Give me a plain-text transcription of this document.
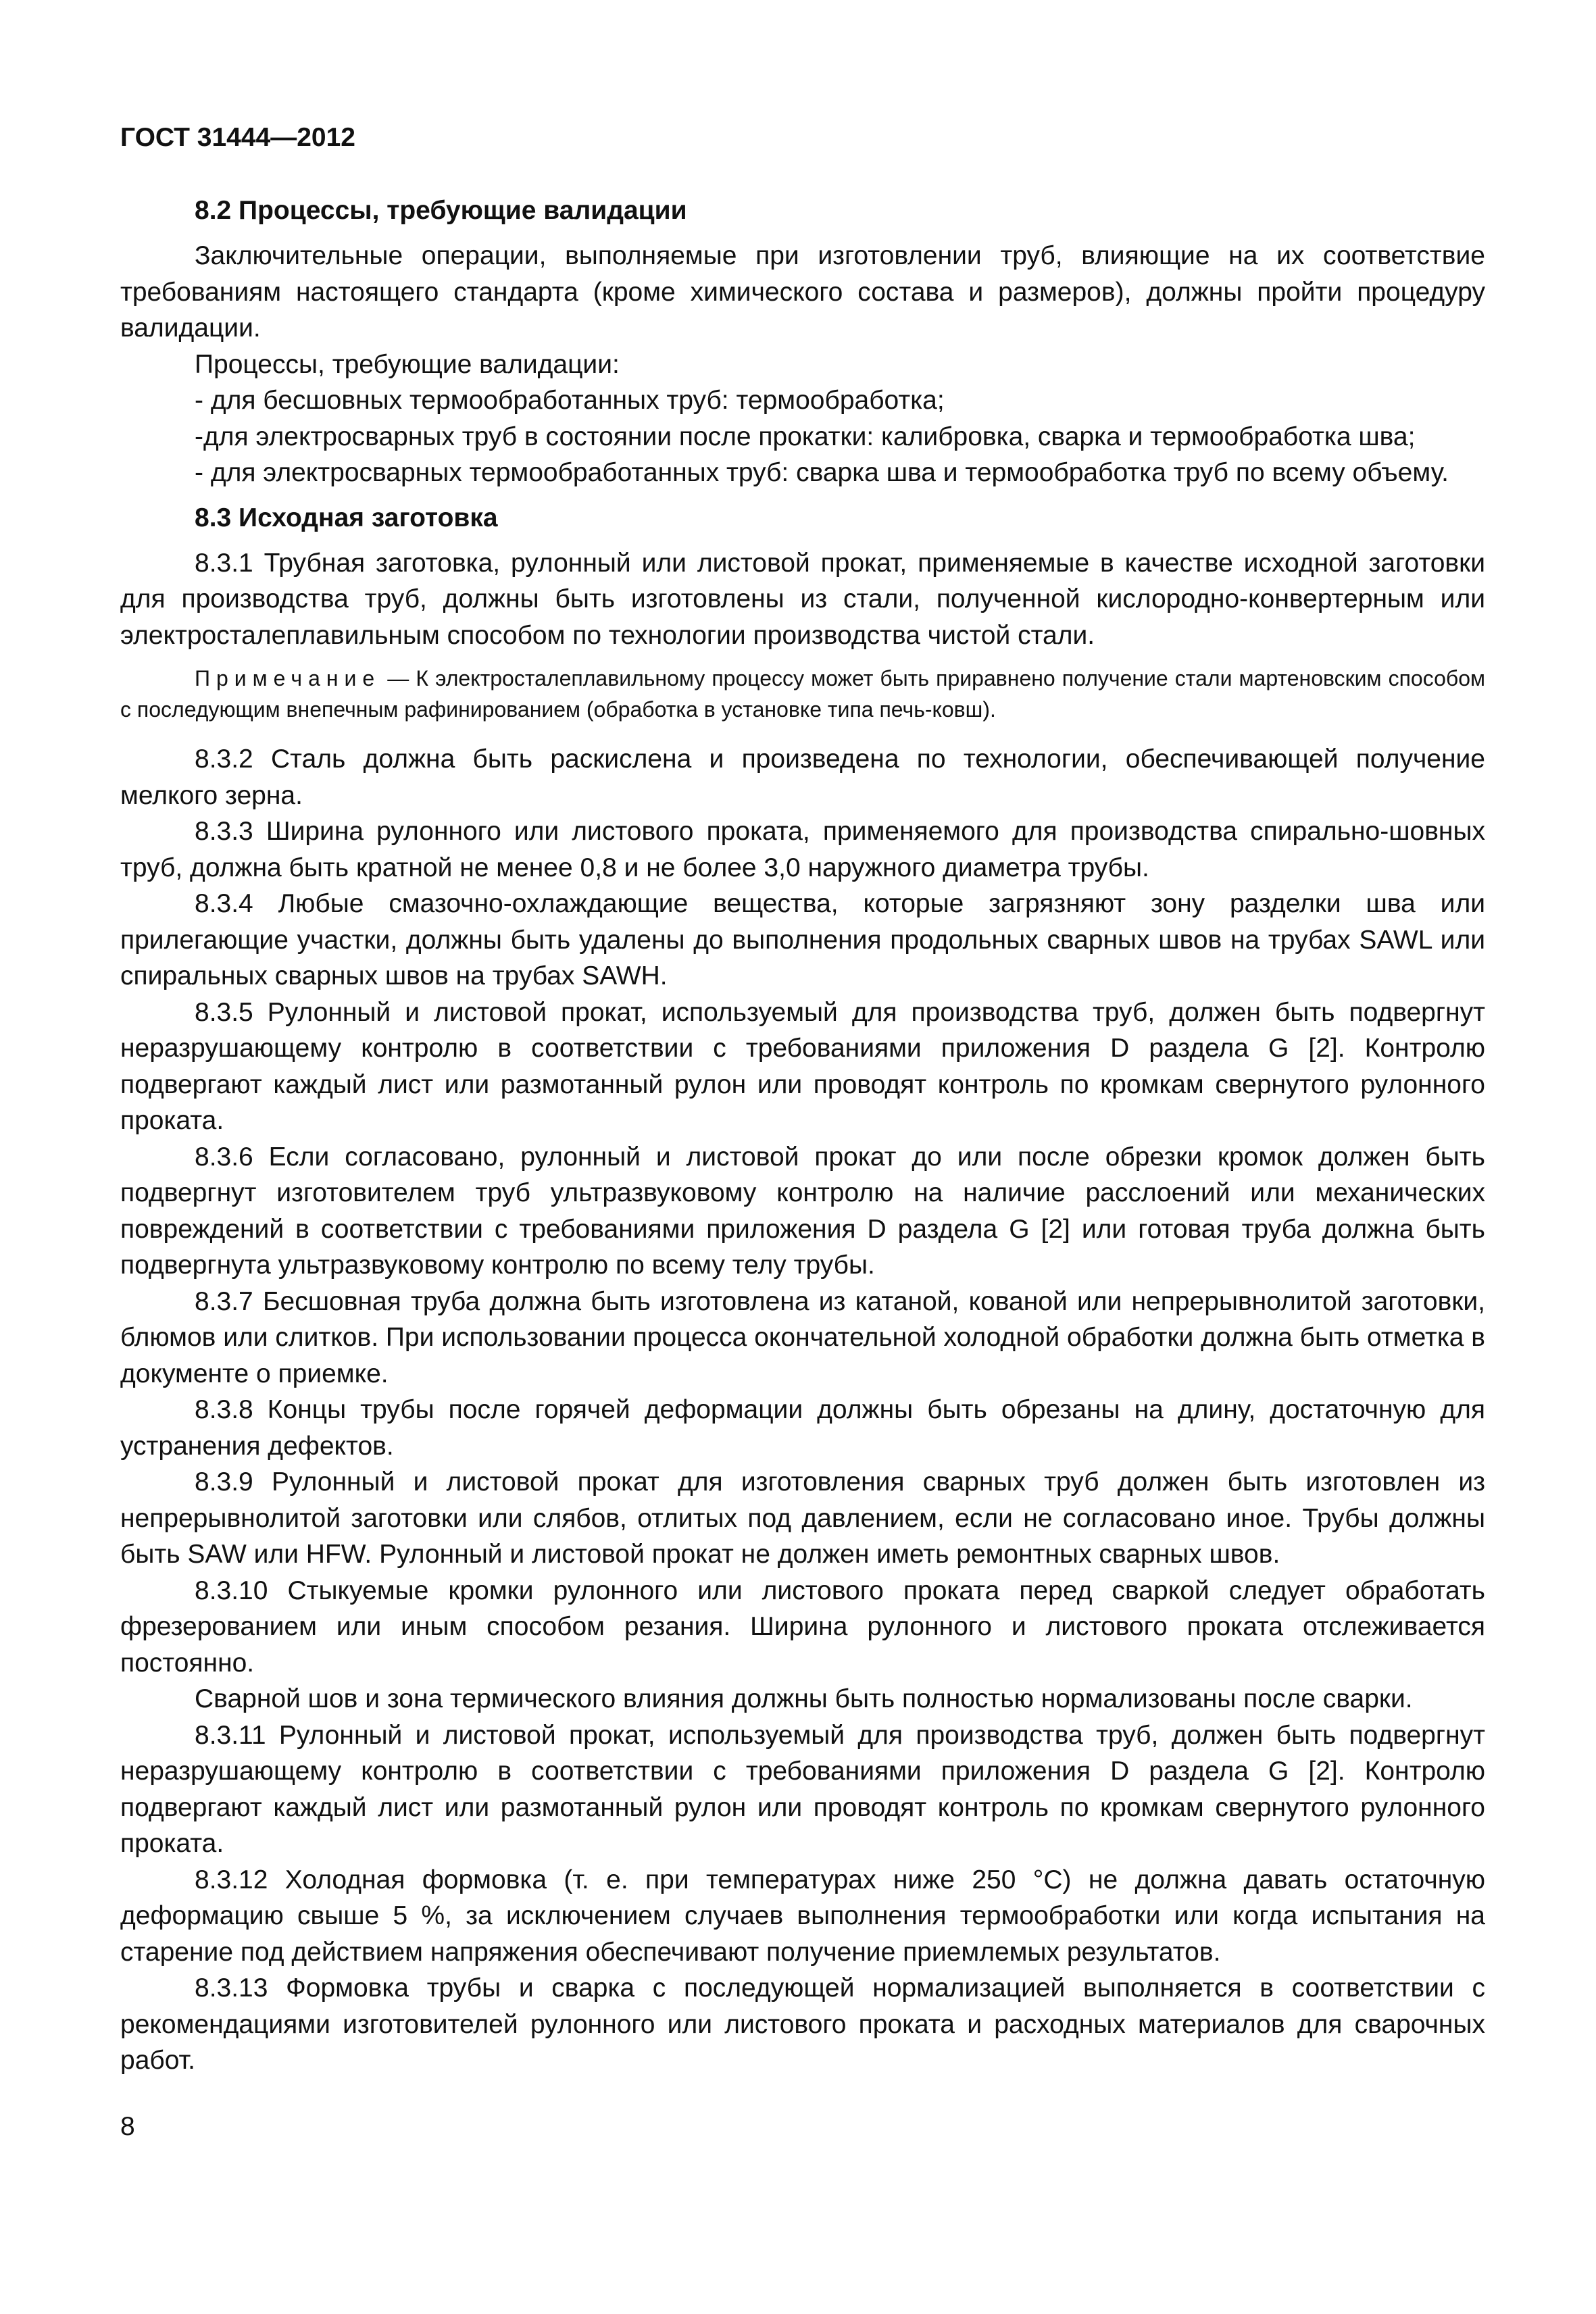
ГОСТ 31444—2012
8.2 Процессы, требующие валидации

Заключительные операции, выполняемые при изготовлении труб, влияющие на их соответствие требованиям настоящего стандарта (кроме химического состава и размеров), должны пройти процедуру валидации.

Процессы, требующие валидации:

- для бесшовных термообработанных труб: термообработка;

-для электросварных труб в состоянии после прокатки: калибровка, сварка и термообработка шва;

- для электросварных термообработанных труб: сварка шва и термообработка труб по всему объему.

8.3 Исходная заготовка

8.3.1 Трубная заготовка, рулонный или листовой прокат, применяемые в качестве исходной заготовки для производства труб, должны быть изготовлены из стали, полученной кислородно-конвертерным или электросталеплавильным способом по технологии производства чистой стали.

Примечание — К электросталеплавильному процессу может быть приравнено получение стали мартеновским способом с последующим внепечным рафинированием (обработка в установке типа печь-ковш).

8.3.2 Сталь должна быть раскислена и произведена по технологии, обеспечивающей получение мелкого зерна.

8.3.3 Ширина рулонного или листового проката, применяемого для производства спирально-шовных труб, должна быть кратной не менее 0,8 и не более 3,0 наружного диаметра трубы.

8.3.4 Любые смазочно-охлаждающие вещества, которые загрязняют зону разделки шва или прилегающие участки, должны быть удалены до выполнения продольных сварных швов на трубах SAWL или спиральных сварных швов на трубах SAWH.

8.3.5 Рулонный и листовой прокат, используемый для производства труб, должен быть подвергнут неразрушающему контролю в соответствии с требованиями приложения D раздела G [2]. Контролю подвергают каждый лист или размотанный рулон или проводят контроль по кромкам свернутого рулонного проката.

8.3.6 Если согласовано, рулонный и листовой прокат до или после обрезки кромок должен быть подвергнут изготовителем труб ультразвуковому контролю на наличие расслоений или механических повреждений в соответствии с требованиями приложения D раздела G [2] или готовая труба должна быть подвергнута ультразвуковому контролю по всему телу трубы.

8.3.7 Бесшовная труба должна быть изготовлена из катаной, кованой или непрерывнолитой заготовки, блюмов или слитков. При использовании процесса окончательной холодной обработки должна быть отметка в документе о приемке.

8.3.8 Концы трубы после горячей деформации должны быть обрезаны на длину, достаточную для устранения дефектов.

8.3.9 Рулонный и листовой прокат для изготовления сварных труб должен быть изготовлен из непрерывнолитой заготовки или слябов, отлитых под давлением, если не согласовано иное. Трубы должны быть SAW или HFW. Рулонный и листовой прокат не должен иметь ремонтных сварных швов.

8.3.10 Стыкуемые кромки рулонного или листового проката перед сваркой следует обработать фрезерованием или иным способом резания. Ширина рулонного и листового проката отслеживается постоянно.

Сварной шов и зона термического влияния должны быть полностью нормализованы после сварки.

8.3.11 Рулонный и листовой прокат, используемый для производства труб, должен быть подвергнут неразрушающему контролю в соответствии с требованиями приложения D раздела G [2]. Контролю подвергают каждый лист или размотанный рулон или проводят контроль по кромкам свернутого рулонного проката.

8.3.12 Холодная формовка (т. е. при температурах ниже 250 °C) не должна давать остаточную деформацию свыше 5 %, за исключением случаев выполнения термообработки или когда испытания на старение под действием напряжения обеспечивают получение приемлемых результатов.

8.3.13 Формовка трубы и сварка с последующей нормализацией выполняется в соответствии с рекомендациями изготовителей рулонного или листового проката и расходных материалов для сварочных работ.

8
